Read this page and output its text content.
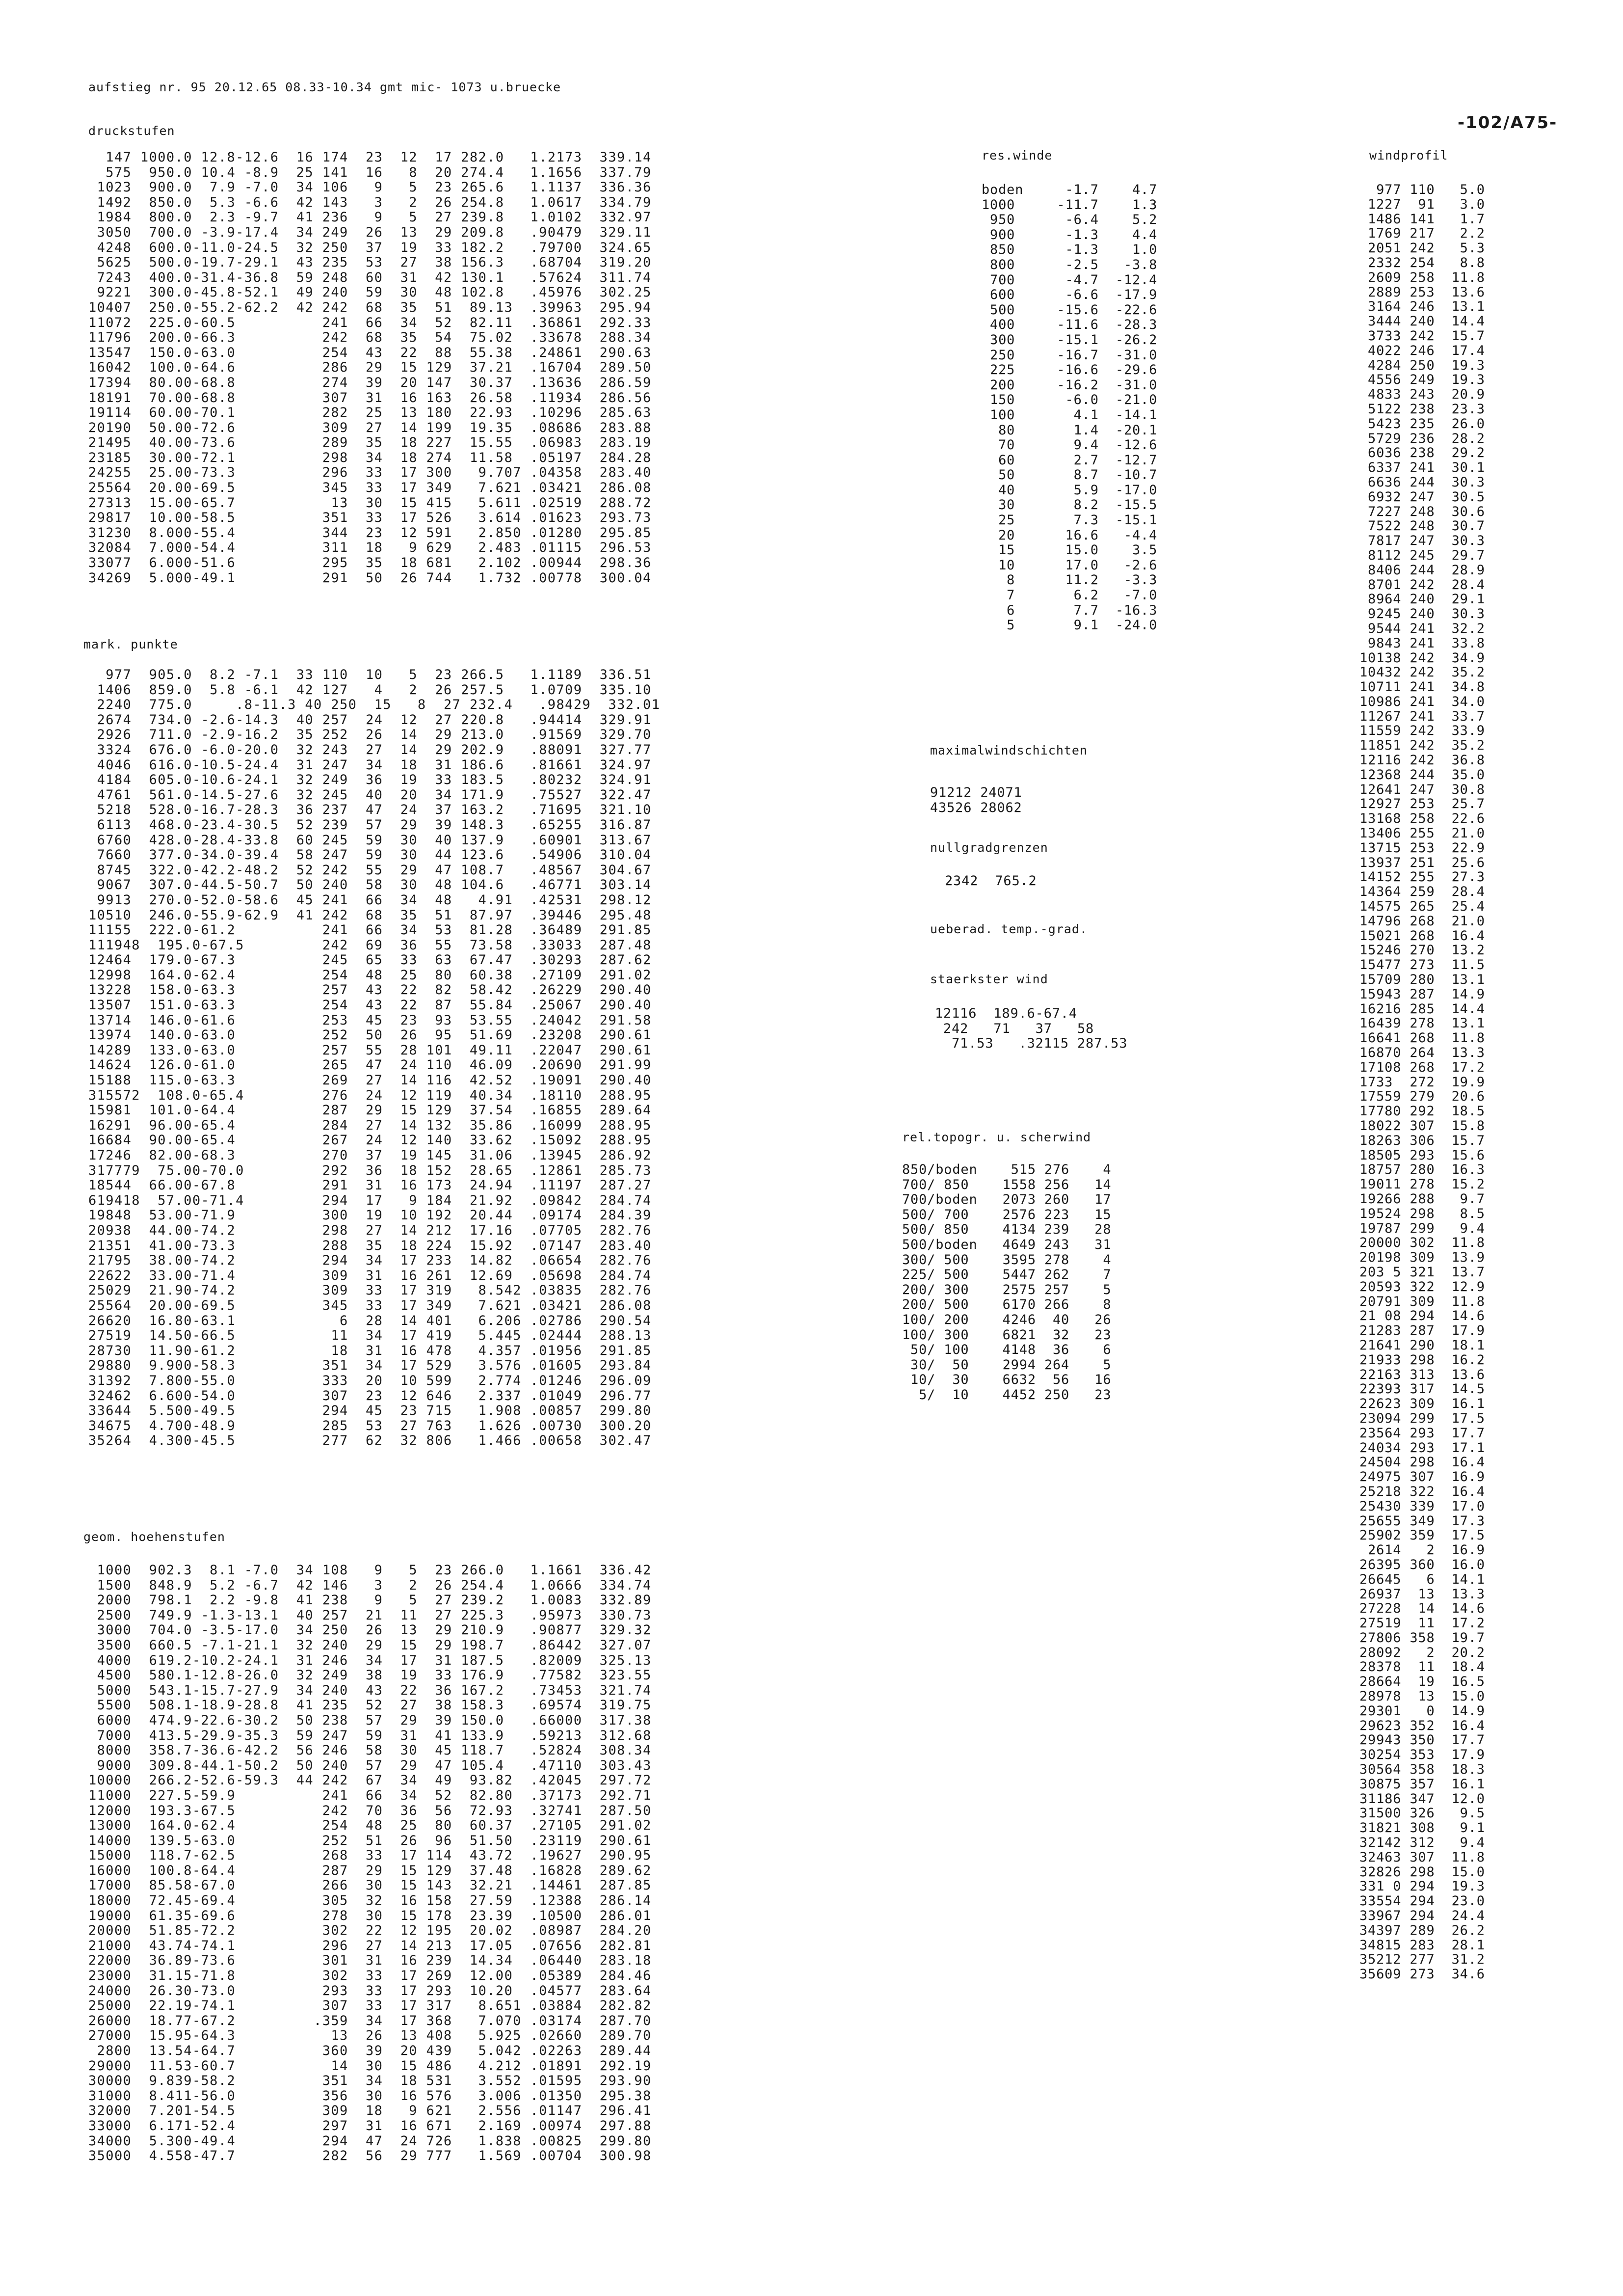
aufstieg nr. 95 20.12.65 08.33-10.34 gmt mic- 1073 u.bruecke
-102/A75-
druckstufen
147 1000.0 12.8-12.6  16 174  23  12  17 282.0   1.2173  339.14
575  950.0 10.4 -8.9  25 141  16   8  20 274.4   1.1656  337.79
1023  900.0  7.9 -7.0  34 106   9   5  23 265.6   1.1137  336.36
1492  850.0  5.3 -6.6  42 143   3   2  26 254.8   1.0617  334.79
1984  800.0  2.3 -9.7  41 236   9   5  27 239.8   1.0102  332.97
3050  700.0 -3.9-17.4  34 249  26  13  29 209.8   .90479  329.11
4248  600.0-11.0-24.5  32 250  37  19  33 182.2   .79700  324.65
5625  500.0-19.7-29.1  43 235  53  27  38 156.3   .68704  319.20
7243  400.0-31.4-36.8  59 248  60  31  42 130.1   .57624  311.74
9221  300.0-45.8-52.1  49 240  59  30  48 102.8   .45976  302.25
10407  250.0-55.2-62.2  42 242  68  35  51  89.13  .39963  295.94
11072  225.0-60.5          241  66  34  52  82.11  .36861  292.33
11796  200.0-66.3          242  68  35  54  75.02  .33678  288.34
13547  150.0-63.0          254  43  22  88  55.38  .24861  290.63
16042  100.0-64.6          286  29  15 129  37.21  .16704  289.50
17394  80.00-68.8          274  39  20 147  30.37  .13636  286.59
18191  70.00-68.8          307  31  16 163  26.58  .11934  286.56
19114  60.00-70.1          282  25  13 180  22.93  .10296  285.63
20190  50.00-72.6          309  27  14 199  19.35  .08686  283.88
21495  40.00-73.6          289  35  18 227  15.55  .06983  283.19
23185  30.00-72.1          298  34  18 274  11.58  .05197  284.28
24255  25.00-73.3          296  33  17 300   9.707 .04358  283.40
25564  20.00-69.5          345  33  17 349   7.621 .03421  286.08
27313  15.00-65.7           13  30  15 415   5.611 .02519  288.72
29817  10.00-58.5          351  33  17 526   3.614 .01623  293.73
31230  8.000-55.4          344  23  12 591   2.850 .01280  295.85
32084  7.000-54.4          311  18   9 629   2.483 .01115  296.53
33077  6.000-51.6          295  35  18 681   2.102 .00944  298.36
34269  5.000-49.1          291  50  26 744   1.732 .00778  300.04
mark. punkte
977  905.0  8.2 -7.1  33 110  10   5  23 266.5   1.1189  336.51
1406  859.0  5.8 -6.1  42 127   4   2  26 257.5   1.0709  335.10
2240  775.0     .8-11.3 40 250  15   8  27 232.4   .98429  332.01
2674  734.0 -2.6-14.3  40 257  24  12  27 220.8   .94414  329.91
2926  711.0 -2.9-16.2  35 252  26  14  29 213.0   .91569  329.70
3324  676.0 -6.0-20.0  32 243  27  14  29 202.9   .88091  327.77
4046  616.0-10.5-24.4  31 247  34  18  31 186.6   .81661  324.97
4184  605.0-10.6-24.1  32 249  36  19  33 183.5   .80232  324.91
4761  561.0-14.5-27.6  32 245  40  20  34 171.9   .75527  322.47
5218  528.0-16.7-28.3  36 237  47  24  37 163.2   .71695  321.10
6113  468.0-23.4-30.5  52 239  57  29  39 148.3   .65255  316.87
6760  428.0-28.4-33.8  60 245  59  30  40 137.9   .60901  313.67
7660  377.0-34.0-39.4  58 247  59  30  44 123.6   .54906  310.04
8745  322.0-42.2-48.2  52 242  55  29  47 108.7   .48567  304.67
9067  307.0-44.5-50.7  50 240  58  30  48 104.6   .46771  303.14
9913  270.0-52.0-58.6  45 241  66  34  48   4.91  .42531  298.12
10510  246.0-55.9-62.9  41 242  68  35  51  87.97  .39446  295.48
11155  222.0-61.2          241  66  34  53  81.28  .36489  291.85
111948  195.0-67.5         242  69  36  55  73.58  .33033  287.48
12464  179.0-67.3          245  65  33  63  67.47  .30293  287.62
12998  164.0-62.4          254  48  25  80  60.38  .27109  291.02
13228  158.0-63.3          257  43  22  82  58.42  .26229  290.40
13507  151.0-63.3          254  43  22  87  55.84  .25067  290.40
13714  146.0-61.6          253  45  23  93  53.55  .24042  291.58
13974  140.0-63.0          252  50  26  95  51.69  .23208  290.61
14289  133.0-63.0          257  55  28 101  49.11  .22047  290.61
14624  126.0-61.0          265  47  24 110  46.09  .20690  291.99
15188  115.0-63.3          269  27  14 116  42.52  .19091  290.40
315572  108.0-65.4         276  24  12 119  40.34  .18110  288.95
15981  101.0-64.4          287  29  15 129  37.54  .16855  289.64
16291  96.00-65.4          284  27  14 132  35.86  .16099  288.95
16684  90.00-65.4          267  24  12 140  33.62  .15092  288.95
17246  82.00-68.3          270  37  19 145  31.06  .13945  286.92
317779  75.00-70.0         292  36  18 152  28.65  .12861  285.73
18544  66.00-67.8          291  31  16 173  24.94  .11197  287.27
619418  57.00-71.4         294  17   9 184  21.92  .09842  284.74
19848  53.00-71.9          300  19  10 192  20.44  .09174  284.39
20938  44.00-74.2          298  27  14 212  17.16  .07705  282.76
21351  41.00-73.3          288  35  18 224  15.92  .07147  283.40
21795  38.00-74.2          294  34  17 233  14.82  .06654  282.76
22622  33.00-71.4          309  31  16 261  12.69  .05698  284.74
25029  21.90-74.2          309  33  17 319   8.542 .03835  282.76
25564  20.00-69.5          345  33  17 349   7.621 .03421  286.08
26620  16.80-63.1            6  28  14 401   6.206 .02786  290.54
27519  14.50-66.5           11  34  17 419   5.445 .02444  288.13
28730  11.90-61.2           18  31  16 478   4.357 .01956  291.85
29880  9.900-58.3          351  34  17 529   3.576 .01605  293.84
31392  7.800-55.0          333  20  10 599   2.774 .01246  296.09
32462  6.600-54.0          307  23  12 646   2.337 .01049  296.77
33644  5.500-49.5          294  45  23 715   1.908 .00857  299.80
34675  4.700-48.9          285  53  27 763   1.626 .00730  300.20
35264  4.300-45.5          277  62  32 806   1.466 .00658  302.47
geom. hoehenstufen
1000  902.3  8.1 -7.0  34 108   9   5  23 266.0   1.1661  336.42
1500  848.9  5.2 -6.7  42 146   3   2  26 254.4   1.0666  334.74
2000  798.1  2.2 -9.8  41 238   9   5  27 239.2   1.0083  332.89
2500  749.9 -1.3-13.1  40 257  21  11  27 225.3   .95973  330.73
3000  704.0 -3.5-17.0  34 250  26  13  29 210.9   .90877  329.32
3500  660.5 -7.1-21.1  32 240  29  15  29 198.7   .86442  327.07
4000  619.2-10.2-24.1  31 246  34  17  31 187.5   .82009  325.13
4500  580.1-12.8-26.0  32 249  38  19  33 176.9   .77582  323.55
5000  543.1-15.7-27.9  34 240  43  22  36 167.2   .73453  321.74
5500  508.1-18.9-28.8  41 235  52  27  38 158.3   .69574  319.75
6000  474.9-22.6-30.2  50 238  57  29  39 150.0   .66000  317.38
7000  413.5-29.9-35.3  59 247  59  31  41 133.9   .59213  312.68
8000  358.7-36.6-42.2  56 246  58  30  45 118.7   .52824  308.34
9000  309.8-44.1-50.2  50 240  57  29  47 105.4   .47110  303.43
10000  266.2-52.6-59.3  44 242  67  34  49  93.82  .42045  297.72
11000  227.5-59.9          241  66  34  52  82.80  .37173  292.71
12000  193.3-67.5          242  70  36  56  72.93  .32741  287.50
13000  164.0-62.4          254  48  25  80  60.37  .27105  291.02
14000  139.5-63.0          252  51  26  96  51.50  .23119  290.61
15000  118.7-62.5          268  33  17 114  43.72  .19627  290.95
16000  100.8-64.4          287  29  15 129  37.48  .16828  289.62
17000  85.58-67.0          266  30  15 143  32.21  .14461  287.85
18000  72.45-69.4          305  32  16 158  27.59  .12388  286.14
19000  61.35-69.6          278  30  15 178  23.39  .10500  286.01
20000  51.85-72.2          302  22  12 195  20.02  .08987  284.20
21000  43.74-74.1          296  27  14 213  17.05  .07656  282.81
22000  36.89-73.6          301  31  16 239  14.34  .06440  283.18
23000  31.15-71.8          302  33  17 269  12.00  .05389  284.46
24000  26.30-73.0          293  33  17 293  10.20  .04577  283.64
25000  22.19-74.1          307  33  17 317   8.651 .03884  282.82
26000  18.77-67.2         .359  34  17 368   7.070 .03174  287.70
27000  15.95-64.3           13  26  13 408   5.925 .02660  289.70
2800  13.54-64.7          360  39  20 439   5.042 .02263  289.44
29000  11.53-60.7           14  30  15 486   4.212 .01891  292.19
30000  9.839-58.2          351  34  18 531   3.552 .01595  293.90
31000  8.411-56.0          356  30  16 576   3.006 .01350  295.38
32000  7.201-54.5          309  18   9 621   2.556 .01147  296.41
33000  6.171-52.4          297  31  16 671   2.169 .00974  297.88
34000  5.300-49.4          294  47  24 726   1.838 .00825  299.80
35000  4.558-47.7          282  56  29 777   1.569 .00704  300.98
res.winde
boden     -1.7    4.7
1000     -11.7    1.3
950      -6.4    5.2
900      -1.3    4.4
850      -1.3    1.0
800      -2.5   -3.8
700      -4.7  -12.4
600      -6.6  -17.9
500     -15.6  -22.6
400     -11.6  -28.3
300     -15.1  -26.2
250     -16.7  -31.0
225     -16.6  -29.6
200     -16.2  -31.0
150      -6.0  -21.0
100       4.1  -14.1
80       1.4  -20.1
70       9.4  -12.6
60       2.7  -12.7
50       8.7  -10.7
40       5.9  -17.0
30       8.2  -15.5
25       7.3  -15.1
20      16.6   -4.4
15      15.0    3.5
10      17.0   -2.6
8      11.2   -3.3
7       6.2   -7.0
6       7.7  -16.3
5       9.1  -24.0
maximalwindschichten
91212 24071
43526 28062
nullgradgrenzen
2342  765.2
ueberad. temp.-grad.
staerkster wind
12116  189.6-67.4
242   71   37   58
71.53   .32115 287.53
rel.topogr. u. scherwind
850/boden    515 276    4
700/ 850    1558 256   14
700/boden   2073 260   17
500/ 700    2576 223   15
500/ 850    4134 239   28
500/boden   4649 243   31
300/ 500    3595 278    4
225/ 500    5447 262    7
200/ 300    2575 257    5
200/ 500    6170 266    8
100/ 200    4246  40   26
100/ 300    6821  32   23
50/ 100    4148  36    6
30/  50    2994 264    5
10/  30    6632  56   16
5/  10    4452 250   23
windprofil
977 110   5.0
1227  91   3.0
1486 141   1.7
1769 217   2.2
2051 242   5.3
2332 254   8.8
2609 258  11.8
2889 253  13.6
3164 246  13.1
3444 240  14.4
3733 242  15.7
4022 246  17.4
4284 250  19.3
4556 249  19.3
4833 243  20.9
5122 238  23.3
5423 235  26.0
5729 236  28.2
6036 238  29.2
6337 241  30.1
6636 244  30.3
6932 247  30.5
7227 248  30.6
7522 248  30.7
7817 247  30.3
8112 245  29.7
8406 244  28.9
8701 242  28.4
8964 240  29.1
9245 240  30.3
9544 241  32.2
9843 241  33.8
10138 242  34.9
10432 242  35.2
10711 241  34.8
10986 241  34.0
11267 241  33.7
11559 242  33.9
11851 242  35.2
12116 242  36.8
12368 244  35.0
12641 247  30.8
12927 253  25.7
13168 258  22.6
13406 255  21.0
13715 253  22.9
13937 251  25.6
14152 255  27.3
14364 259  28.4
14575 265  25.4
14796 268  21.0
15021 268  16.4
15246 270  13.2
15477 273  11.5
15709 280  13.1
15943 287  14.9
16216 285  14.4
16439 278  13.1
16641 268  11.8
16870 264  13.3
17108 268  17.2
1733  272  19.9
17559 279  20.6
17780 292  18.5
18022 307  15.8
18263 306  15.7
18505 293  15.6
18757 280  16.3
19011 278  15.2
19266 288   9.7
19524 298   8.5
19787 299   9.4
20000 302  11.8
20198 309  13.9
203 5 321  13.7
20593 322  12.9
20791 309  11.8
21 08 294  14.6
21283 287  17.9
21641 290  18.1
21933 298  16.2
22163 313  13.6
22393 317  14.5
22623 309  16.1
23094 299  17.5
23564 293  17.7
24034 293  17.1
24504 298  16.4
24975 307  16.9
25218 322  16.4
25430 339  17.0
25655 349  17.3
25902 359  17.5
2614   2  16.9
26395 360  16.0
26645   6  14.1
26937  13  13.3
27228  14  14.6
27519  11  17.2
27806 358  19.7
28092   2  20.2
28378  11  18.4
28664  19  16.5
28978  13  15.0
29301   0  14.9
29623 352  16.4
29943 350  17.7
30254 353  17.9
30564 358  18.3
30875 357  16.1
31186 347  12.0
31500 326   9.5
31821 308   9.1
32142 312   9.4
32463 307  11.8
32826 298  15.0
331 0 294  19.3
33554 294  23.0
33967 294  24.4
34397 289  26.2
34815 283  28.1
35212 277  31.2
35609 273  34.6
